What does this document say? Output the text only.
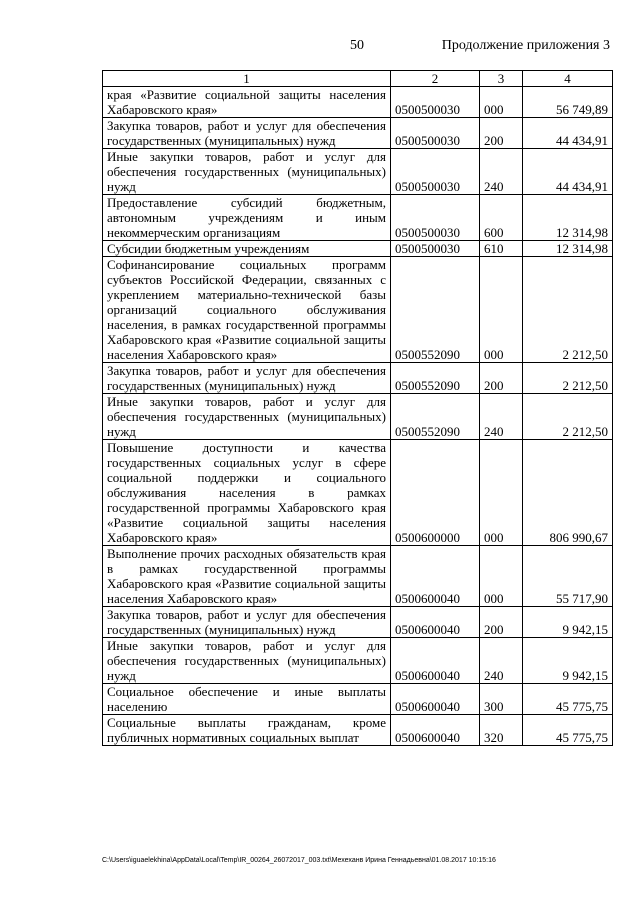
50	Продолжение приложения 3
1	2	3	4
края «Развитие социальной защиты населения Хабаровского края»	0500500030	000	56 749,89
Закупка товаров, работ и услуг для обеспечения государственных (муниципальных) нужд	0500500030	200	44 434,91
Иные закупки товаров, работ и услуг для обеспечения государственных (муниципальных) нужд	0500500030	240	44 434,91
Предоставление субсидий бюджетным, автономным учреждениям и иным некоммерческим организациям	0500500030	600	12 314,98
Субсидии бюджетным учреждениям	0500500030	610	12 314,98
Софинансирование социальных программ субъектов Российской Федерации, связанных с укреплением материально-технической базы организаций социального обслуживания населения, в рамках государственной программы Хабаровского края «Развитие социальной защиты населения Хабаровского края»	0500552090	000	2 212,50
Закупка товаров, работ и услуг для обеспечения государственных (муниципальных) нужд	0500552090	200	2 212,50
Иные закупки товаров, работ и услуг для обеспечения государственных (муниципальных) нужд	0500552090	240	2 212,50
Повышение доступности и качества государственных социальных услуг в сфере социальной поддержки и социального обслуживания населения в рамках государственной программы Хабаровского края «Развитие социальной защиты населения Хабаровского края»	0500600000	000	806 990,67
Выполнение прочих расходных обязательств края в рамках государственной программы Хабаровского края «Развитие социальной защиты населения Хабаровского края»	0500600040	000	55 717,90
Закупка товаров, работ и услуг для обеспечения государственных (муниципальных) нужд	0500600040	200	9 942,15
Иные закупки товаров, работ и услуг для обеспечения государственных (муниципальных) нужд	0500600040	240	9 942,15
Социальное обеспечение и иные выплаты населению	0500600040	300	45 775,75
Социальные выплаты гражданам, кроме публичных нормативных социальных выплат	0500600040	320	45 775,75
C:\Users\iguaelekhina\AppData\Local\Temp\IR_00264_26072017_003.txt\Мехеханв Ирина Геннадьевна\01.08.2017 10:15:16
